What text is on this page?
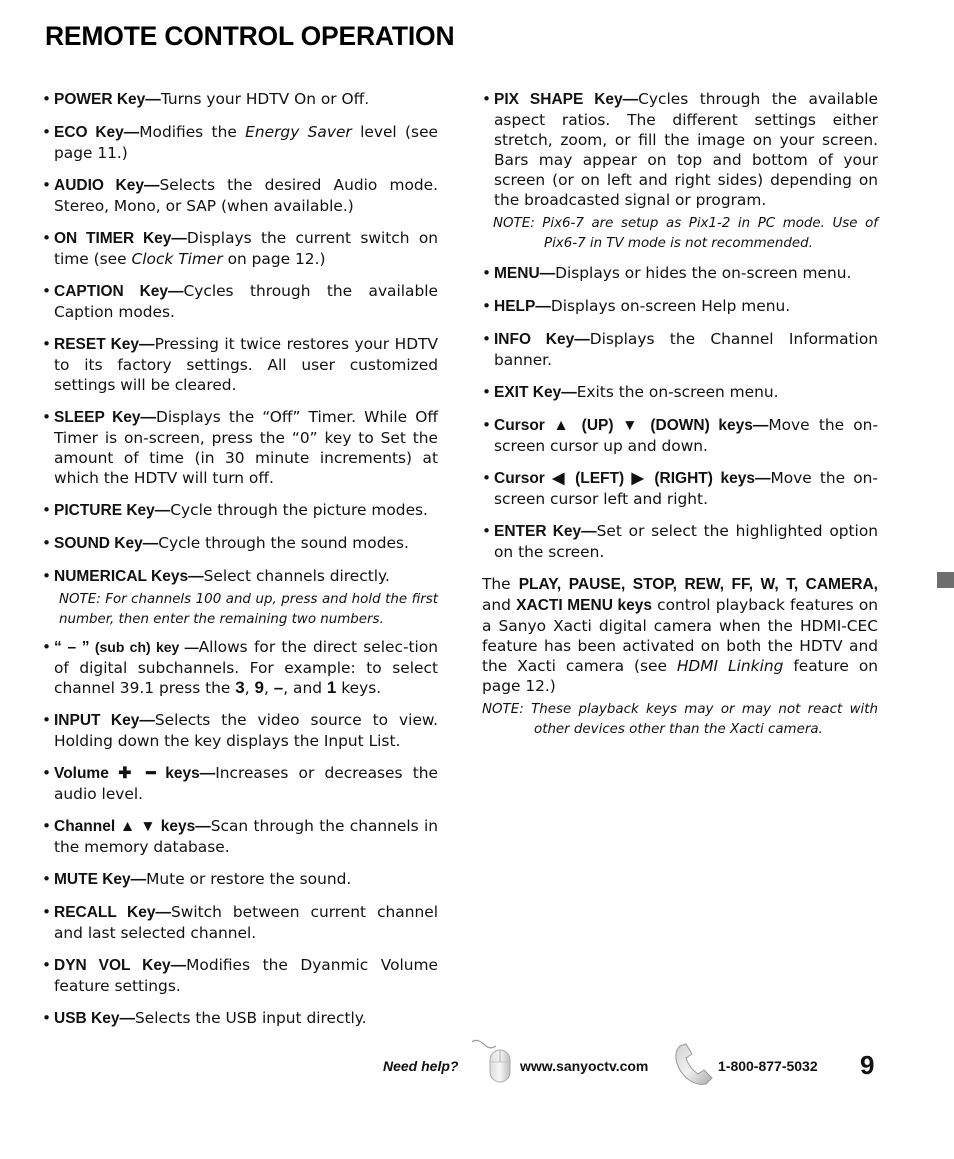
REMOTE CONTROL OPERATION
• POWER Key—Turns your HDTV On or Off.
• ECO Key—Modifies the Energy Saver level (see page 11.)
• AUDIO Key—Selects the desired Audio mode. Stereo, Mono, or SAP (when available.)
• ON TIMER Key—Displays the current switch on time (see Clock Timer on page 12.)
• CAPTION Key—Cycles through the available Caption modes.
• RESET Key—Pressing it twice restores your HDTV to its factory settings. All user customized settings will be cleared.
• SLEEP Key—Displays the “Off” Timer. While Off Timer is on-screen, press the “0” key to Set the amount of time (in 30 minute increments) at which the HDTV will turn off.
• PICTURE Key—Cycle through the picture modes.
• SOUND Key—Cycle through the sound modes.
• NUMERICAL Keys—Select channels directly.
NOTE: For channels 100 and up, press and hold the first number, then enter the remaining two numbers.
• “ – ” (sub ch) key —Allows for the direct selec-tion of digital subchannels. For example: to select channel 39.1 press the 3, 9, –, and 1 keys.
• INPUT Key—Selects the video source to view. Holding down the key displays the Input List.
• Volume ✚ ━ keys—Increases or decreases the audio level.
• Channel ▲ ▼ keys—Scan through the channels in the memory database.
• MUTE Key—Mute or restore the sound.
• RECALL Key—Switch between current channel and last selected channel.
• DYN VOL Key—Modifies the Dyanmic Volume feature settings.
• USB Key—Selects the USB input directly.
• PIX SHAPE Key—Cycles through the available aspect ratios. The different settings either stretch, zoom, or fill the image on your screen. Bars may appear on top and bottom of your screen (or on left and right sides) depending on the broadcasted signal or program.
NOTE: Pix6-7 are setup as Pix1-2 in PC mode. Use of Pix6-7 in TV mode is not recommended.
• MENU—Displays or hides the on-screen menu.
• HELP—Displays on-screen Help menu.
• INFO Key—Displays the Channel Information banner.
• EXIT Key—Exits the on-screen menu.
• Cursor ▲ (UP) ▼ (DOWN) keys—Move the on-screen cursor up and down.
• Cursor ◀ (LEFT) ▶ (RIGHT) keys—Move the on-screen cursor left and right.
• ENTER Key—Set or select the highlighted option on the screen.
The PLAY, PAUSE, STOP, REW, FF, W, T, CAMERA, and XACTI MENU keys control playback features on a Sanyo Xacti digital camera when the HDMI-CEC feature has been activated on both the HDTV and the Xacti camera (see HDMI Linking feature on page 12.)
NOTE: These playback keys may or may not react with other devices other than the Xacti camera.
Need help?	www.sanyoctv.com	1-800-877-5032 9
